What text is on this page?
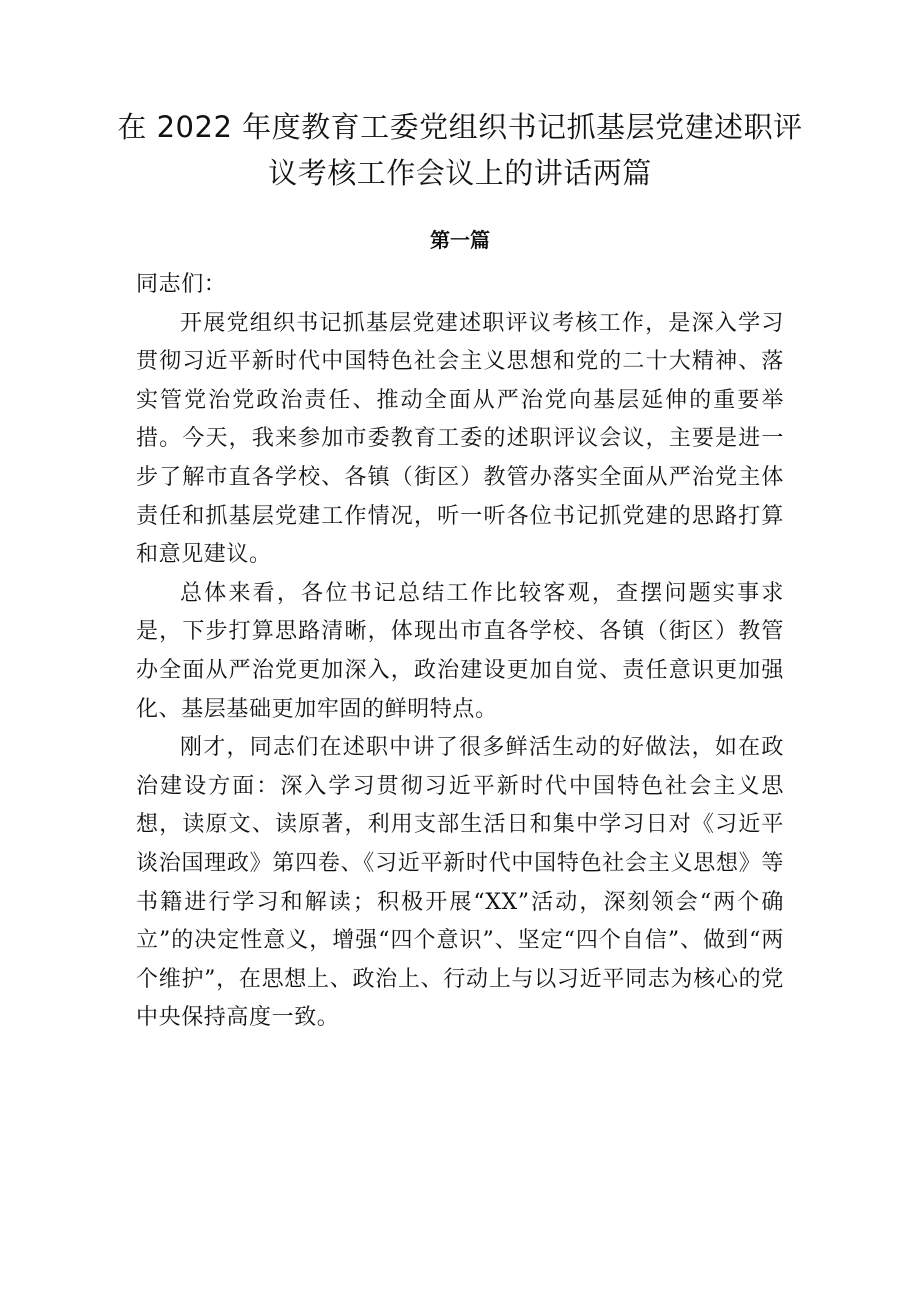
在 2022 年度教育工委党组织书记抓基层党建述职评
议考核工作会议上的讲话两篇
第一篇

同志们：

开展党组织书记抓基层党建述职评议考核工作，是深入学习贯彻习近平新时代中国特色社会主义思想和党的二十大精神、落实管党治党政治责任、推动全面从严治党向基层延伸的重要举措。今天，我来参加市委教育工委的述职评议会议，主要是进一步了解市直各学校、各镇（街区）教管办落实全面从严治党主体责任和抓基层党建工作情况，听一听各位书记抓党建的思路打算和意见建议。

总体来看，各位书记总结工作比较客观，查摆问题实事求是，下步打算思路清晰，体现出市直各学校、各镇（街区）教管办全面从严治党更加深入，政治建设更加自觉、责任意识更加强化、基层基础更加牢固的鲜明特点。

刚才，同志们在述职中讲了很多鲜活生动的好做法，如在政治建设方面：深入学习贯彻习近平新时代中国特色社会主义思想，读原文、读原著，利用支部生活日和集中学习日对《习近平谈治国理政》第四卷、《习近平新时代中国特色社会主义思想》等书籍进行学习和解读；积极开展“XX”活动，深刻领会“两个确立”的决定性意义，增强“四个意识”、坚定“四个自信”、做到“两个维护”，在思想上、政治上、行动上与以习近平同志为核心的党中央保持高度一致。
